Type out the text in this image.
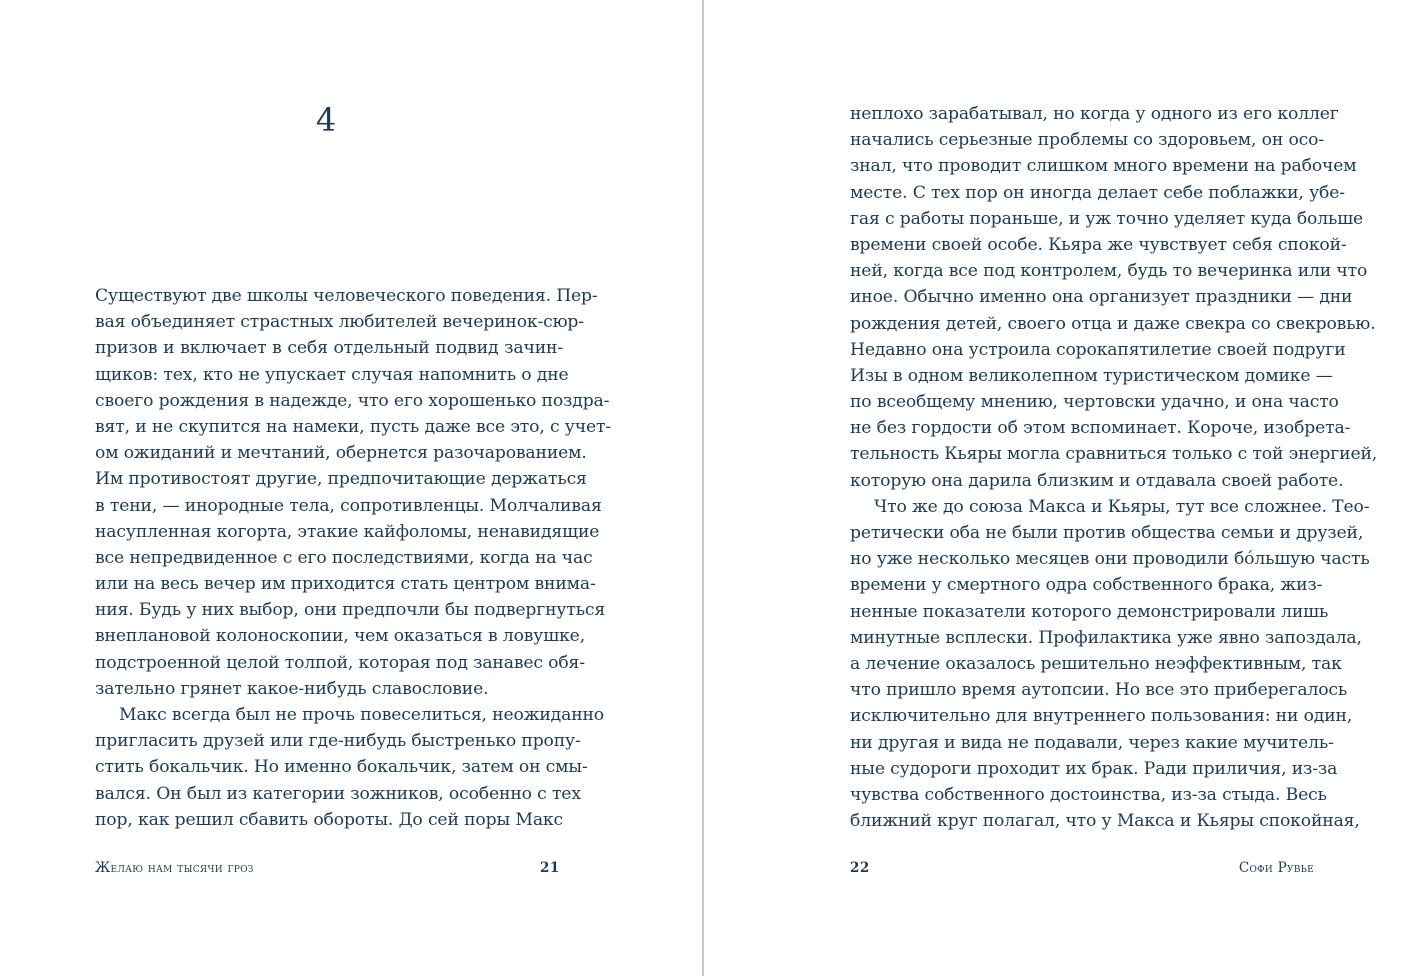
4
Существуют две школы человеческого поведения. Пер-
вая объединяет страстных любителей вечеринок-сюр-
призов и включает в себя отдельный подвид зачин-
щиков: тех, кто не упускает случая напомнить о дне
своего рождения в надежде, что его хорошенько поздра-
вят, и не скупится на намеки, пусть даже все это, с учет-
ом ожиданий и мечтаний, обернется разочарованием.
Им противостоят другие, предпочитающие держаться
в тени, — инородные тела, сопротивленцы. Молчаливая
насупленная когорта, этакие кайфоломы, ненавидящие
все непредвиденное с его последствиями, когда на час
или на весь вечер им приходится стать центром внима-
ния. Будь у них выбор, они предпочли бы подвергнуться
внеплановой колоноскопии, чем оказаться в ловушке,
подстроенной целой толпой, которая под занавес обя-
зательно грянет какое-нибудь славословие.
Макс всегда был не прочь повеселиться, неожиданно
пригласить друзей или где-нибудь быстренько пропу-
стить бокальчик. Но именно бокальчик, затем он смы-
вался. Он был из категории зожников, особенно с тех
пор, как решил сбавить обороты. До сей поры Макс
Желаю нам тысячи гроз	21
неплохо зарабатывал, но когда у одного из его коллег
начались серьезные проблемы со здоровьем, он осо-
знал, что проводит слишком много времени на рабочем
месте. С тех пор он иногда делает себе поблажки, убе-
гая с работы пораньше, и уж точно уделяет куда больше
времени своей особе. Кьяра же чувствует себя спокой-
ней, когда все под контролем, будь то вечеринка или что
иное. Обычно именно она организует праздники — дни
рождения детей, своего отца и даже свекра со свекровью.
Недавно она устроила сорокапятилетие своей подруги
Изы в одном великолепном туристическом домике —
по всеобщему мнению, чертовски удачно, и она часто
не без гордости об этом вспоминает. Короче, изобрета-
тельность Кьяры могла сравниться только с той энергией,
которую она дарила близким и отдавала своей работе.
Что же до союза Макса и Кьяры, тут все сложнее. Тео-
ретически оба не были против общества семьи и друзей,
но уже несколько месяцев они проводили бóльшую часть
времени у смертного одра собственного брака, жиз-
ненные показатели которого демонстрировали лишь
минутные всплески. Профилактика уже явно запоздала,
а лечение оказалось решительно неэффективным, так
что пришло время аутопсии. Но все это приберегалось
исключительно для внутреннего пользования: ни один,
ни другая и вида не подавали, через какие мучитель-
ные судороги проходит их брак. Ради приличия, из-за
чувства собственного достоинства, из-за стыда. Весь
ближний круг полагал, что у Макса и Кьяры спокойная,
22	Софи Рувье
